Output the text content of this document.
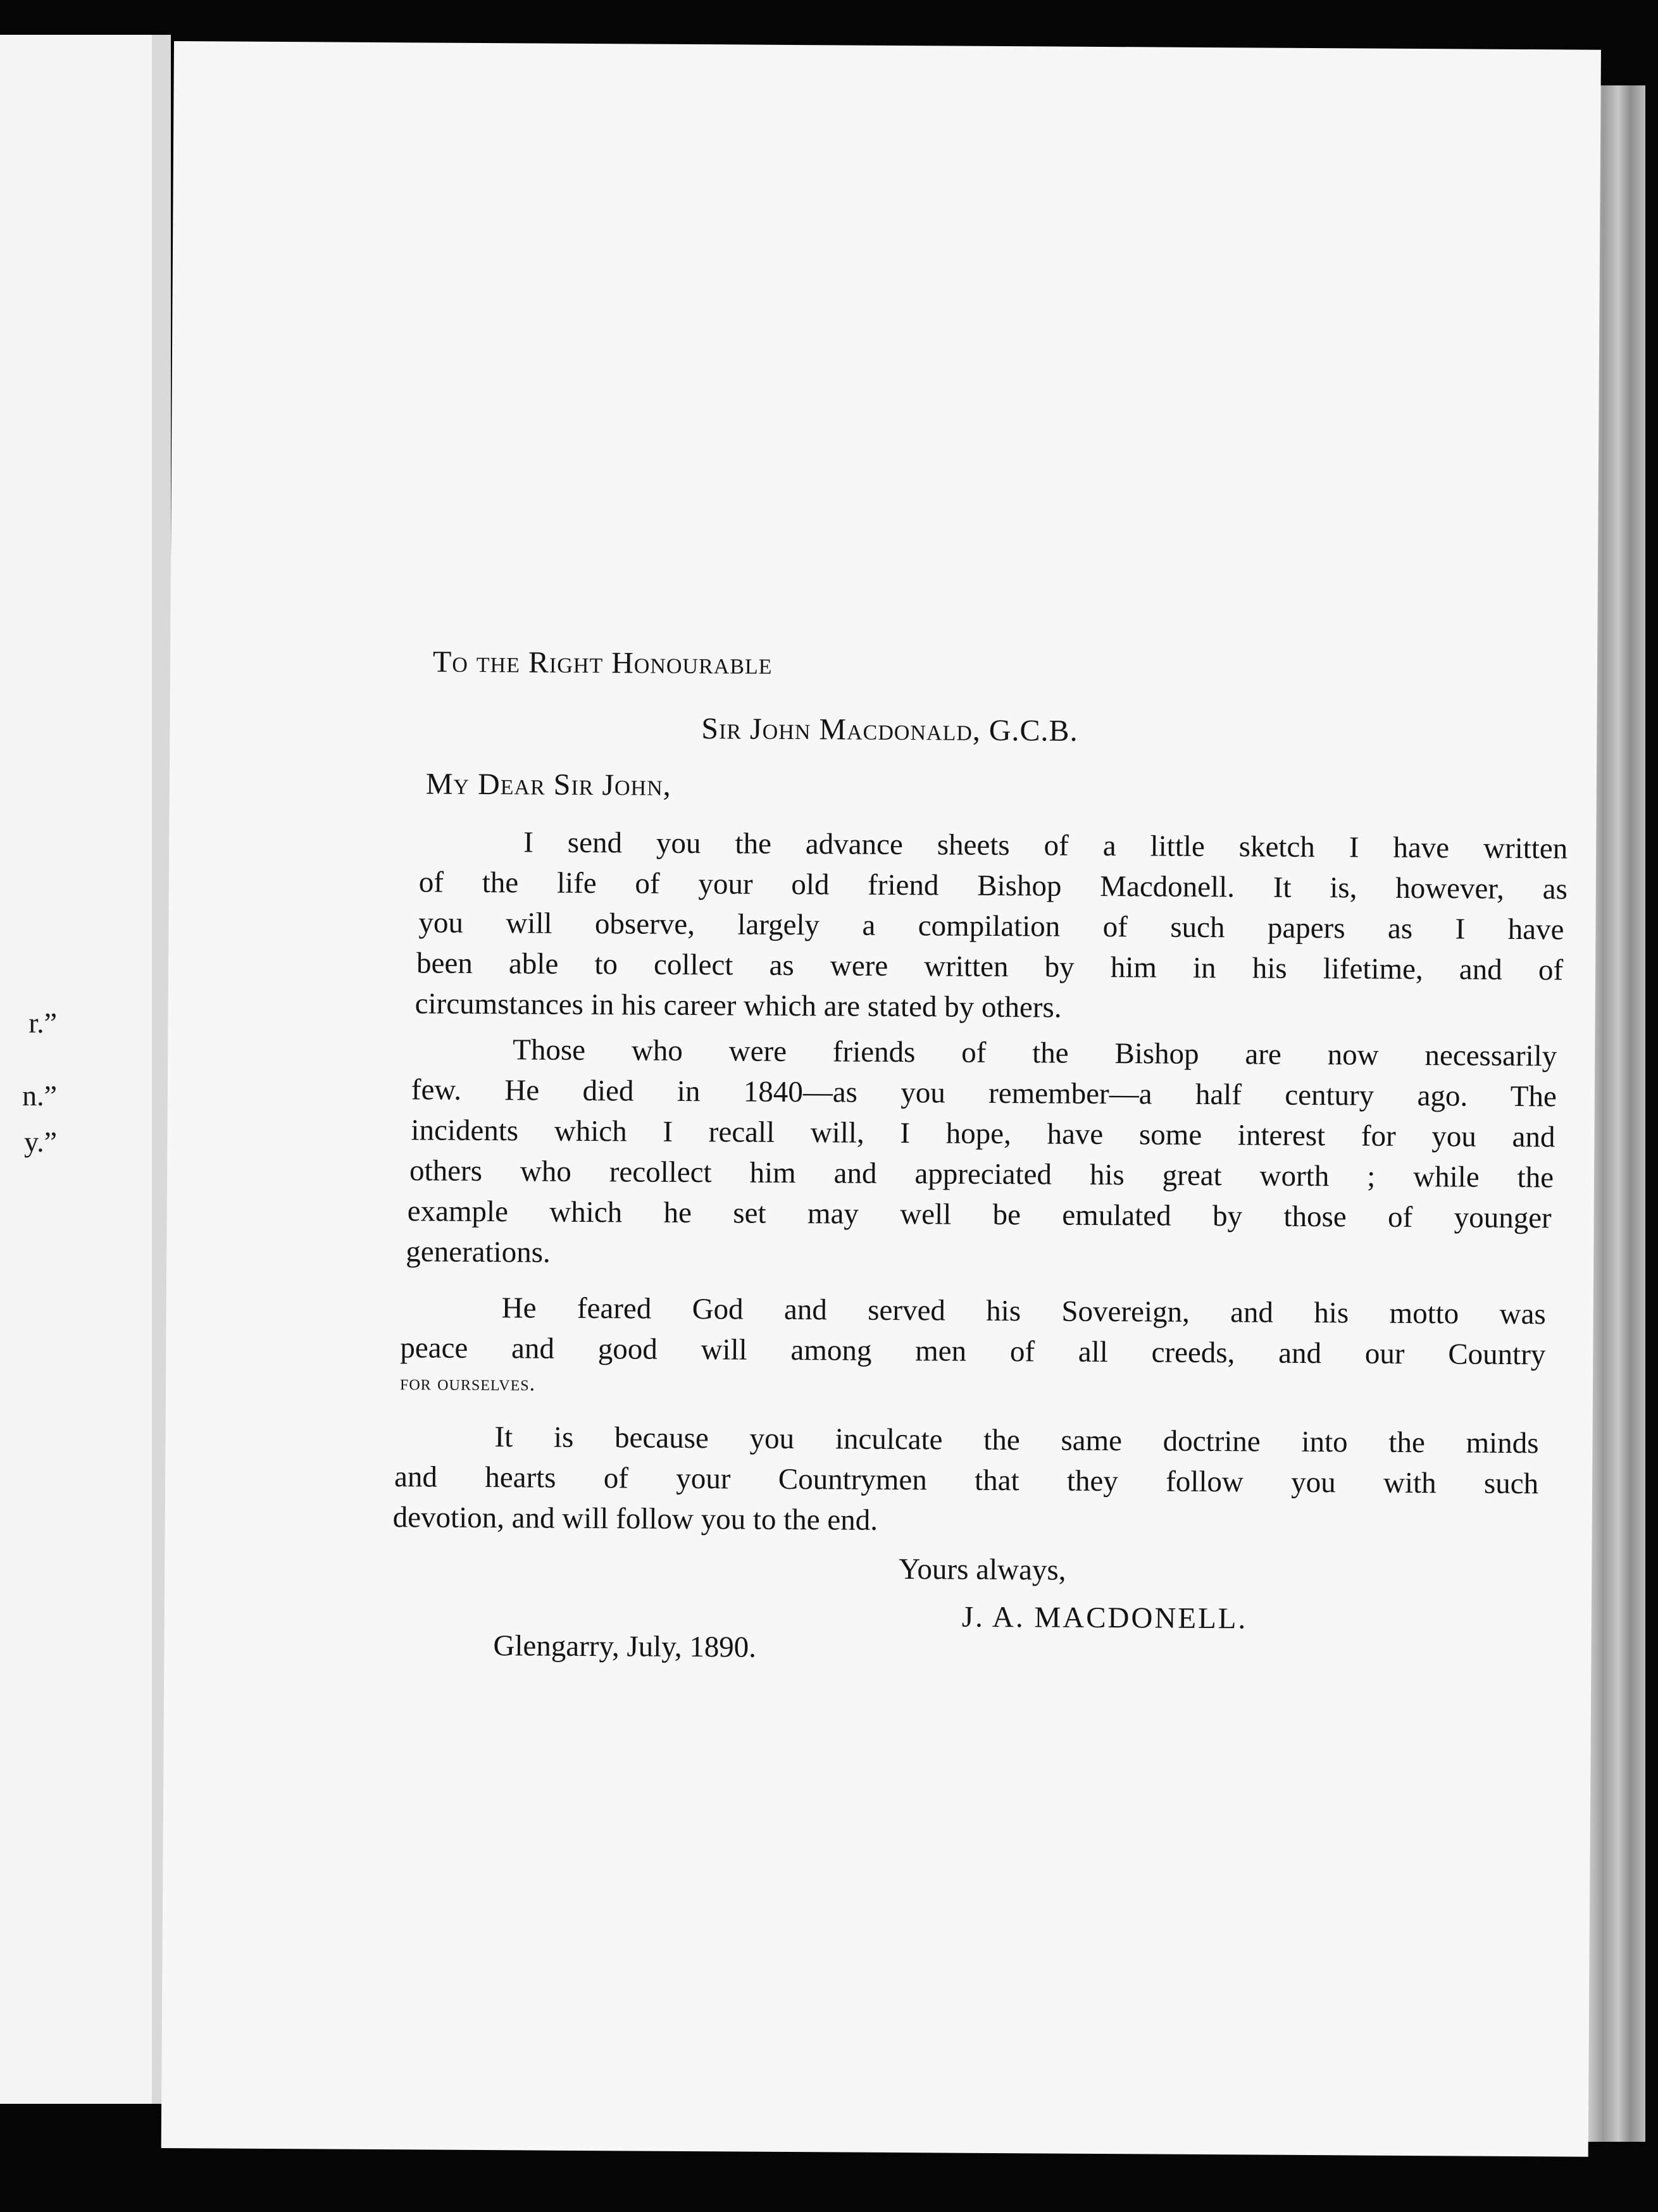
r.”
n.”
y.”
To the Right Honourable
Sir John Macdonald, G.C.B.
My Dear Sir John,
I send you the advance sheets of a little sketch I have written
of the life of your old friend Bishop Macdonell. It is, however, as
you will observe, largely a compilation of such papers as I have
been able to collect as were written by him in his lifetime, and of
circumstances in his career which are stated by others.
Those who were friends of the Bishop are now necessarily
few. He died in 1840—as you remember—a half century ago. The
incidents which I recall will, I hope, have some interest for you and
others who recollect him and appreciated his great worth ; while the
example which he set may well be emulated by those of younger
generations.
He feared God and served his Sovereign, and his motto was
peace and good will among men of all creeds, and our Country
for ourselves.
It is because you inculcate the same doctrine into the minds
and hearts of your Countrymen that they follow you with such
devotion, and will follow you to the end.
Yours always,
J. A. MACDONELL.
Glengarry, July, 1890.
